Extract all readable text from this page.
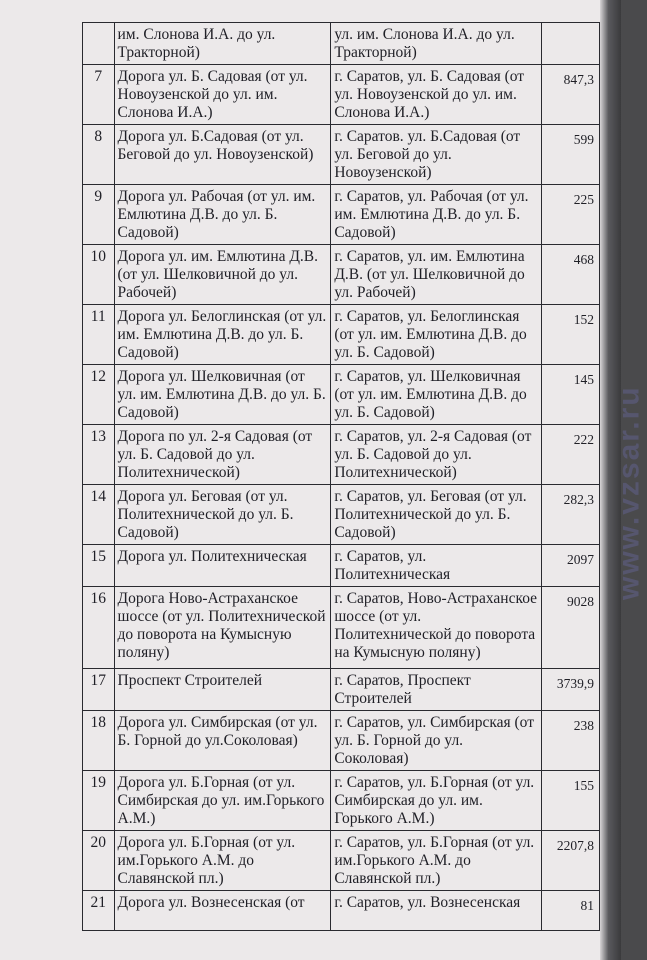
	им. Слонова И.А. до ул. Тракторной)	ул. им. Слонова И.А. до ул. Тракторной)	
7	Дорога ул. Б. Садовая (от ул. Новоузенской до ул. им. Слонова И.А.)	г. Саратов, ул. Б. Садовая (от ул. Новоузенской до ул. им. Слонова И.А.)	847,3
8	Дорога ул. Б.Садовая (от ул. Беговой до ул. Новоузенской)	г. Саратов. ул. Б.Садовая (от ул. Беговой до ул. Новоузенской)	599
9	Дорога ул. Рабочая (от ул. им. Емлютина Д.В. до ул. Б. Садовой)	г. Саратов, ул. Рабочая (от ул. им. Емлютина Д.В. до ул. Б. Садовой)	225
10	Дорога ул. им. Емлютина Д.В. (от ул. Шелковичной до ул. Рабочей)	г. Саратов, ул. им. Емлютина Д.В. (от ул. Шелковичной до ул. Рабочей)	468
11	Дорога ул. Белоглинская (от ул. им. Емлютина Д.В. до ул. Б. Садовой)	г. Саратов, ул. Белоглинская (от ул. им. Емлютина Д.В. до ул. Б. Садовой)	152
12	Дорога ул. Шелковичная (от ул. им. Емлютина Д.В. до ул. Б. Садовой)	г. Саратов, ул. Шелковичная (от ул. им. Емлютина Д.В. до ул. Б. Садовой)	145
13	Дорога по ул. 2-я Садовая (от ул. Б. Садовой до ул. Политехнической)	г. Саратов, ул. 2-я Садовая (от ул. Б. Садовой до ул. Политехнической)	222
14	Дорога ул. Беговая (от ул. Политехнической до ул. Б. Садовой)	г. Саратов, ул. Беговая (от ул. Политехнической до ул. Б. Садовой)	282,3
15	Дорога ул. Политехническая	г. Саратов, ул. Политехническая	2097
16	Дорога Ново-Астраханское шоссе (от ул. Политехнической до поворота на Кумысную поляну)	г. Саратов, Ново-Астраханское шоссе (от ул. Политехнической до поворота на Кумысную поляну)	9028
17	Проспект Строителей	г. Саратов, Проспект Строителей	3739,9
18	Дорога ул. Симбирская (от ул. Б. Горной до ул.Соколовая)	г. Саратов, ул. Симбирская (от ул. Б. Горной до ул. Соколовая)	238
19	Дорога ул. Б.Горная (от ул. Симбирская до ул. им.Горького А.М.)	г. Саратов, ул. Б.Горная (от ул. Симбирская до ул. им. Горького А.М.)	155
20	Дорога ул. Б.Горная (от ул. им.Горького А.М. до Славянской пл.)	г. Саратов, ул. Б.Горная (от ул. им.Горького А.М. до Славянской пл.)	2207,8
21	Дорога ул. Вознесенская (от	г. Саратов, ул. Вознесенская	81
www.vzsar.ru
